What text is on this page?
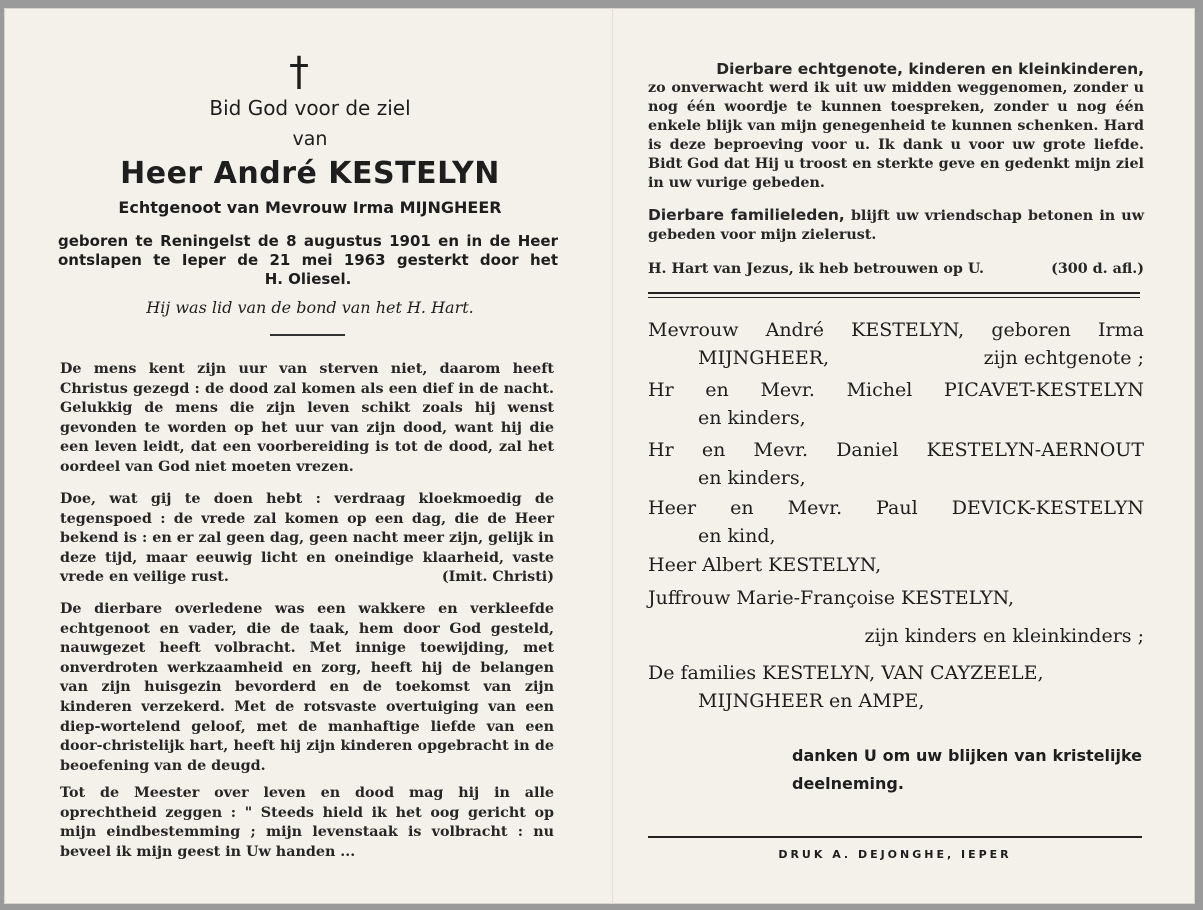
†
Bid God voor de ziel
van
Heer André KESTELYN
Echtgenoot van Mevrouw Irma MIJNGHEER
geboren te Reningelst de 8 augustus 1901 en in de Heer
ontslapen te Ieper de 21 mei 1963 gesterkt door het
H. Oliesel.
Hij was lid van de bond van het H. Hart.

De mens kent zijn uur van sterven niet, daarom heeft Christus gezegd : de dood zal komen als een dief in de nacht. Gelukkig de mens die zijn leven schikt zoals hij wenst gevonden te worden op het uur van zijn dood, want hij die een leven leidt, dat een voorbereiding is tot de dood, zal het oordeel van God niet moeten vrezen.

Doe, wat gij te doen hebt : verdraag kloekmoedig de tegenspoed : de vrede zal komen op een dag, die de Heer bekend is : en er zal geen dag, geen nacht meer zijn, gelijk in deze tijd, maar eeuwig licht en oneindige klaarheid, vaste vrede en veilige rust.	(Imit. Christi)

De dierbare overledene was een wakkere en verkleefde echtgenoot en vader, die de taak, hem door God gesteld, nauwgezet heeft volbracht. Met innige toewijding, met onverdroten werkzaamheid en zorg, heeft hij de belangen van zijn huisgezin bevorderd en de toekomst van zijn kinderen verzekerd. Met de rotsvaste overtuiging van een diep-wortelend geloof, met de manhaftige liefde van een door-christelijk hart, heeft hij zijn kinderen opgebracht in de beoefening van de deugd.

Tot de Meester over leven en dood mag hij in alle oprechtheid zeggen : " Steeds hield ik het oog gericht op mijn eindbestemming ; mijn levenstaak is volbracht : nu beveel ik mijn geest in Uw handen ...

Dierbare echtgenote, kinderen en kleinkinderen,
zo onverwacht werd ik uit uw midden weggenomen, zonder u nog één woordje te kunnen toespreken, zonder u nog één enkele blijk van mijn genegenheid te kunnen schenken. Hard is deze beproeving voor u. Ik dank u voor uw grote liefde. Bidt God dat Hij u troost en sterkte geve en gedenkt mijn ziel in uw vurige gebeden.

Dierbare familieleden, blijft uw vriendschap betonen in uw gebeden voor mijn zielerust.

H. Hart van Jezus, ik heb betrouwen op U.	(300 d. afl.)
Mevrouw André KESTELYN, geboren Irma
MIJNGHEER,	zijn echtgenote ;
Hr en Mevr. Michel PICAVET-KESTELYN
en kinders,
Hr en Mevr. Daniel KESTELYN-AERNOUT
en kinders,
Heer en Mevr. Paul DEVICK-KESTELYN
en kind,
Heer Albert KESTELYN,
Juffrouw Marie-Françoise KESTELYN,
zijn kinders en kleinkinders ;
De families KESTELYN, VAN CAYZEELE,
MIJNGHEER en AMPE,
danken U om uw blijken van kristelijke deelneming.
DRUK A. DEJONGHE, IEPER
